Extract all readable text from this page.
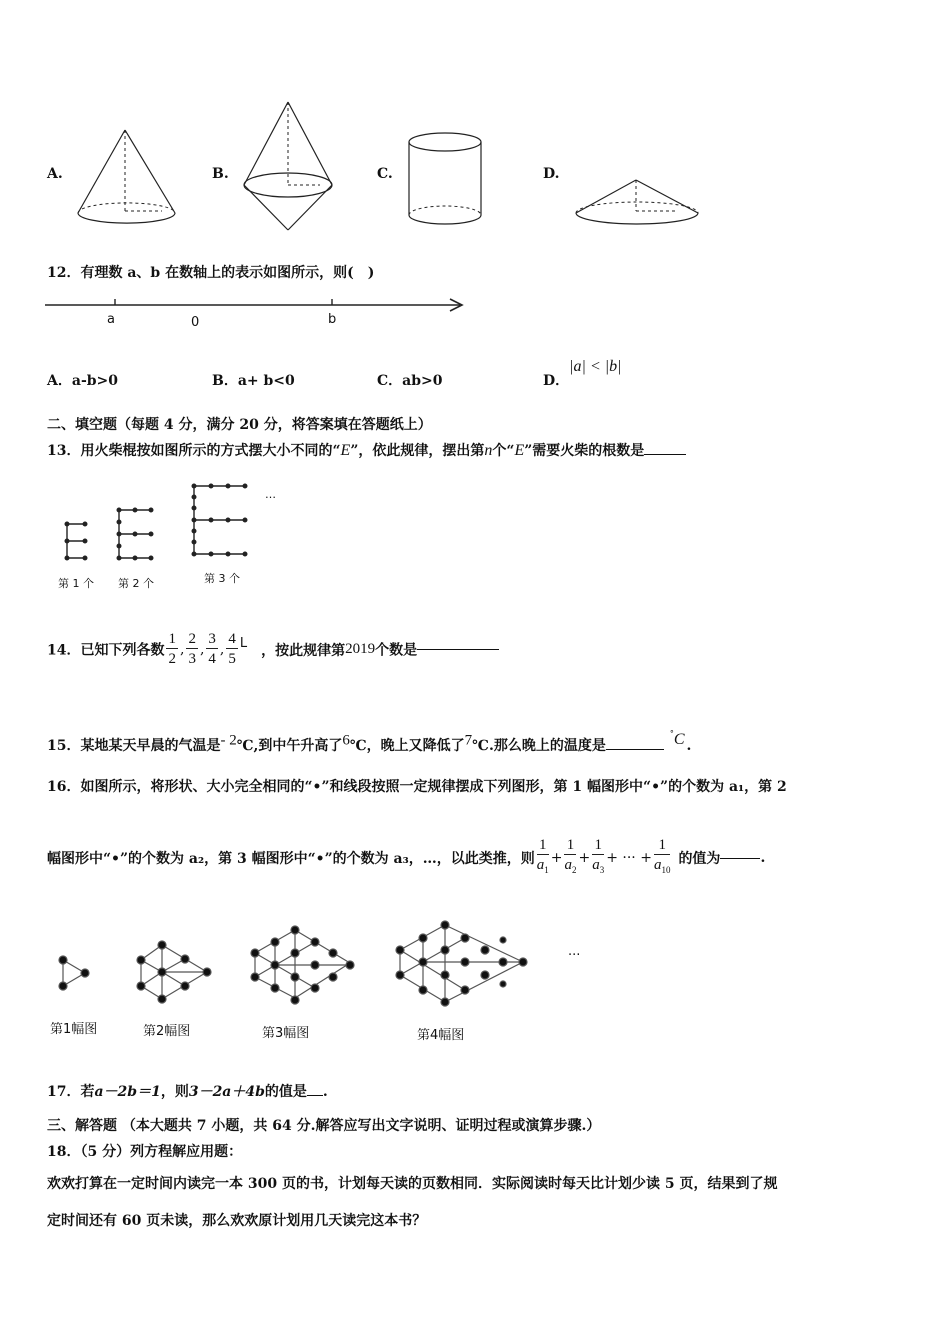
A.	B.	C.	D.
12．有理数 a、b 在数轴上的表示如图所示，则(　)
a	0	b
A．a-b>0	B．a+ b<0	C．ab>0	D．|a| < |b|
二、填空题（每题 4 分，满分 20 分，将答案填在答题纸上）
13．用火柴棍按如图所示的方式摆大小不同的“E”，依此规律，摆出第n个“E”需要火柴的根数是
…
第 1 个 第 2 个	第 3 个
14．已知下列各数 $\frac{1}{2}$ , $\frac{2}{3}$ , $\frac{3}{4}$ , $\frac{4}{5}$ L ，按此规律第2019个数是
15．某地某天早晨的气温是$^{- 2}$℃,到中午升高了$^6$℃，晚上又降低了$^7$℃.那么晚上的温度是°C .
16．如图所示，将形状、大小完全相同的“•”和线段按照一定规律摆成下列图形，第 1 幅图形中“•”的个数为 a₁，第 2
幅图形中“•”的个数为 a₂，第 3 幅图形中“•”的个数为 a₃，…，以此类推，则 $\frac{1}{a_1} + \frac{1}{a_2} + \frac{1}{a_3}$ + ··· + $\frac{1}{a_{10}}$ 的值为	.
···
第1幅图	第2幅图	第3幅图	第4幅图
17．若a－2b＝1，则3－2a＋4b的值是 .
三、解答题 （本大题共 7 小题，共 64 分.解答应写出文字说明、证明过程或演算步骤.）
18．（5 分）列方程解应用题：
欢欢打算在一定时间内读完一本 300 页的书，计划每天读的页数相同．实际阅读时每天比计划少读 5 页，结果到了规
定时间还有 60 页未读，那么欢欢原计划用几天读完这本书？
